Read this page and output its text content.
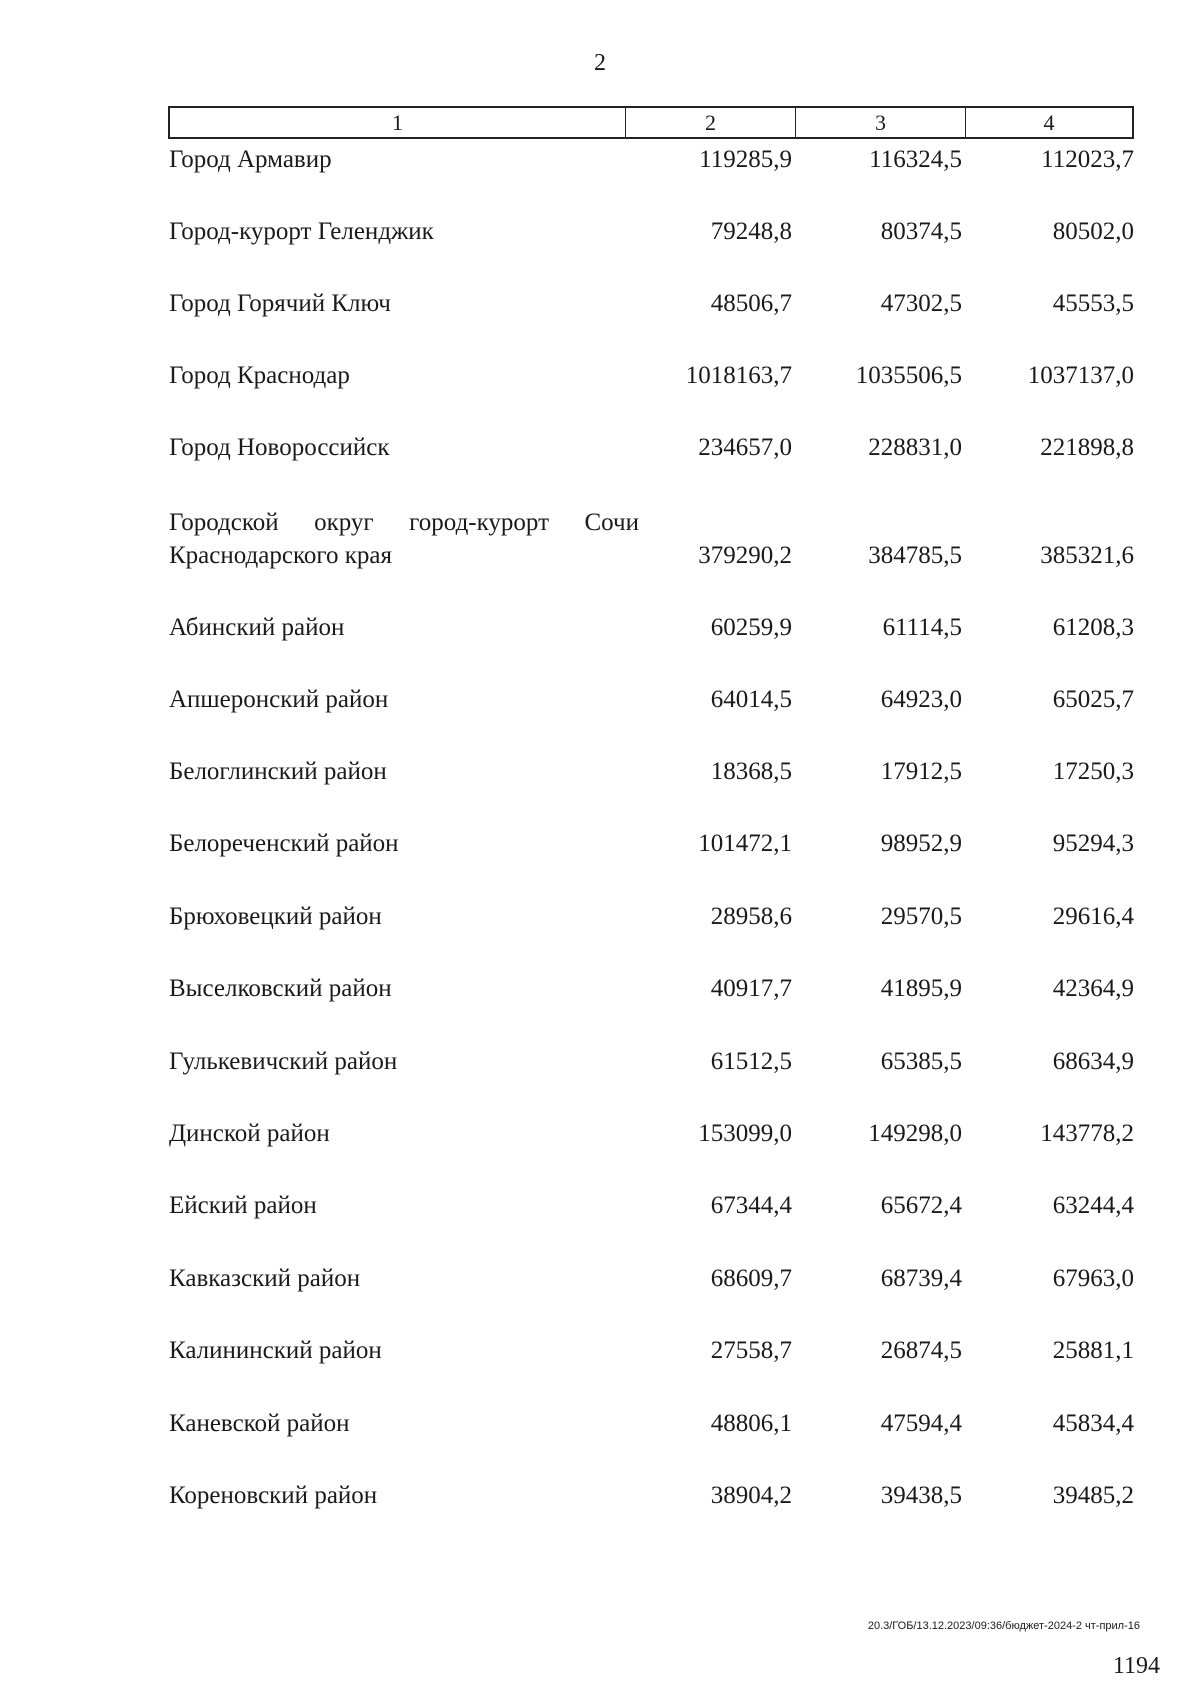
2
1	2	3	4
Город Армавир	119285,9	116324,5	112023,7
Город-курорт Геленджик	79248,8	80374,5	80502,0
Город Горячий Ключ	48506,7	47302,5	45553,5
Город Краснодар	1018163,7	1035506,5	1037137,0
Город Новороссийск	234657,0	228831,0	221898,8
Городской округ город-курорт Сочи
Краснодарского края	379290,2	384785,5	385321,6
Абинский район	60259,9	61114,5	61208,3
Апшеронский район	64014,5	64923,0	65025,7
Белоглинский район	18368,5	17912,5	17250,3
Белореченский район	101472,1	98952,9	95294,3
Брюховецкий район	28958,6	29570,5	29616,4
Выселковский район	40917,7	41895,9	42364,9
Гулькевичский район	61512,5	65385,5	68634,9
Динской район	153099,0	149298,0	143778,2
Ейский район	67344,4	65672,4	63244,4
Кавказский район	68609,7	68739,4	67963,0
Калининский район	27558,7	26874,5	25881,1
Каневской район	48806,1	47594,4	45834,4
Кореновский район	38904,2	39438,5	39485,2
20.3/ГОБ/13.12.2023/09:36/бюджет-2024-2 чт-прил-16
1194
